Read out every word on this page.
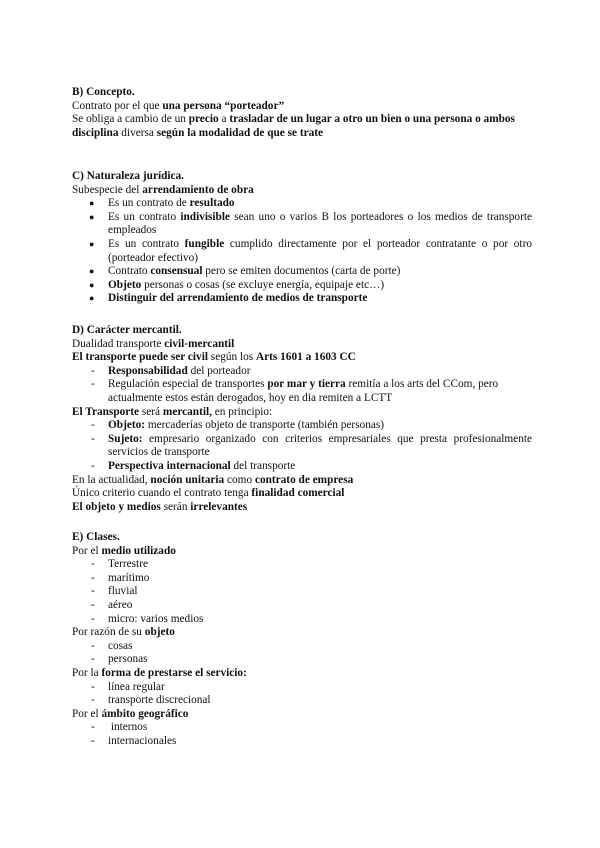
B) Concepto.
Contrato por el que una persona “porteador”
Se obliga a cambio de un precio a trasladar de un lugar a otro un bien o una persona o ambos
disciplina diversa según la modalidad de que se trate
C) Naturaleza jurídica.
Subespecie del arrendamiento de obra
● Es un contrato de resultado
● Es un contrato indivisible sean uno o varios B los porteadores o los medios de transporte empleados
● Es un contrato fungible cumplido directamente por el porteador contratante o por otro (porteador efectivo)
● Contrato consensual pero se emiten documentos (carta de porte)
● Objeto personas o cosas (se excluye energía, equipaje etc…)
● Distinguir del arrendamiento de medios de transporte
D) Carácter mercantil.
Dualidad transporte civil-mercantil
El transporte puede ser civil según los Arts 1601 a 1603 CC
- Responsabilidad del porteador
- Regulación especial de transportes por mar y tierra remitía a los arts del CCom, pero actualmente estos están derogados, hoy en dia remiten a LCTT
El Transporte será mercantil, en principio:
- Objeto: mercaderías objeto de transporte (también personas)
- Sujeto: empresario organizado con criterios empresariales que presta profesionalmente servicios de transporte
- Perspectiva internacional del transporte
En la actualidad, noción unitaria como contrato de empresa
Único criterio cuando el contrato tenga finalidad comercial
El objeto y medios serán irrelevantes
E) Clases.
Por el medio utilizado
- Terrestre
- marítimo
- fluvial
- aéreo
- micro: varios medios
Por razón de su objeto
- cosas
- personas
Por la forma de prestarse el servicio:
- línea regular
- transporte discrecional
Por el ámbito geográfico
-  internos
- internacionales
